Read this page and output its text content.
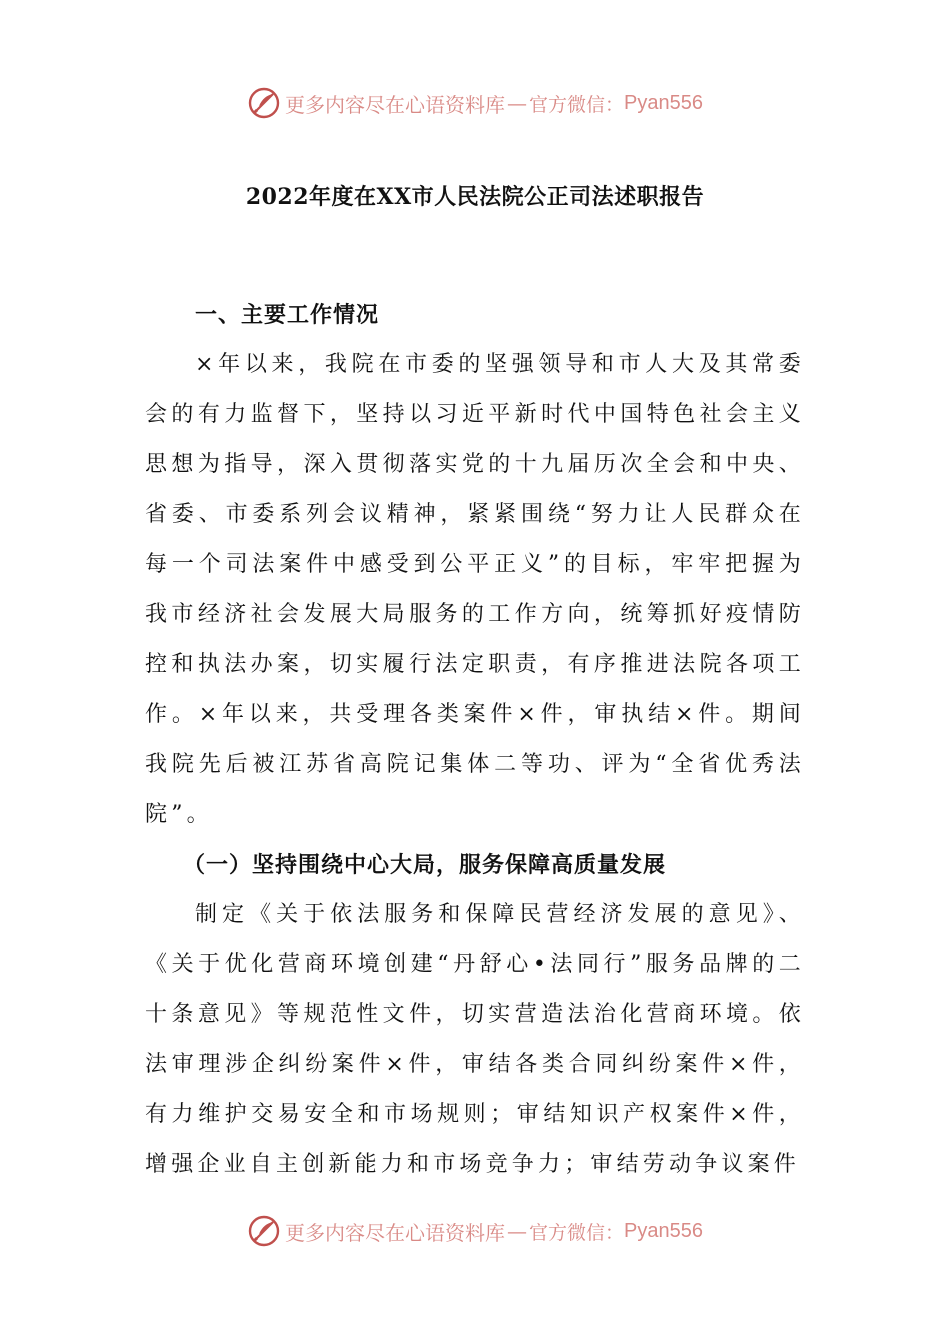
更多内容尽在心语资料库 — 官方微信： Pyan556
2022年度在XX市人民法院公正司法述职报告
一、主要工作情况

×年以来，我院在市委的坚强领导和市人大及其常委会的有力监督下，坚持以习近平新时代中国特色社会主义思想为指导，深入贯彻落实党的十九届历次全会和中央、省委、市委系列会议精神，紧紧围绕“努力让人民群众在每一个司法案件中感受到公平正义”的目标，牢牢把握为我市经济社会发展大局服务的工作方向，统筹抓好疫情防控和执法办案，切实履行法定职责，有序推进法院各项工作。×年以来，共受理各类案件×件，审执结×件。期间我院先后被江苏省高院记集体二等功、评为“全省优秀法院”。

（一）坚持围绕中心大局，服务保障高质量发展

制定《关于依法服务和保障民营经济发展的意见》、《关于优化营商环境创建“丹舒心•法同行”服务品牌的二十条意见》等规范性文件，切实营造法治化营商环境。依法审理涉企纠纷案件×件，审结各类合同纠纷案件×件，有力维护交易安全和市场规则；审结知识产权案件×件，增强企业自主创新能力和市场竞争力；审结劳动争议案件

更多内容尽在心语资料库 — 官方微信： Pyan556
